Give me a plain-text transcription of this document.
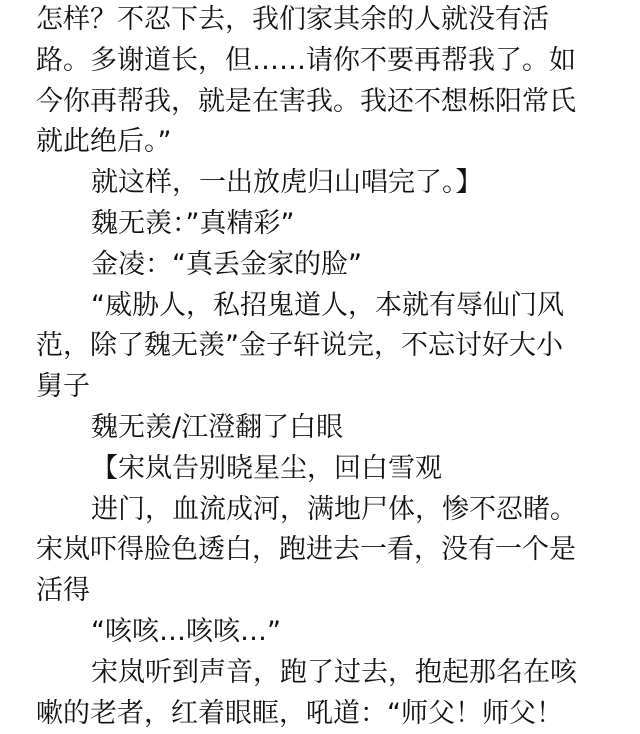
怎样？不忍下去，我们家其余的人就没有活
路。多谢道长，但……请你不要再帮我了。如
今你再帮我，就是在害我。我还不想栎阳常氏
就此绝后。”
就这样，一出放虎归山唱完了。】
魏无羡：”真精彩”
金凌：“真丢金家的脸”
“威胁人，私招鬼道人，本就有辱仙门风
范，除了魏无羡”金子轩说完，不忘讨好大小
舅子
魏无羡/江澄翻了白眼
【宋岚告别晓星尘，回白雪观
进门，血流成河，满地尸体，惨不忍睹。
宋岚吓得脸色透白，跑进去一看，没有一个是
活得
“咳咳…咳咳…”
宋岚听到声音，跑了过去，抱起那名在咳
嗽的老者，红着眼眶，吼道：“师父！师父！
